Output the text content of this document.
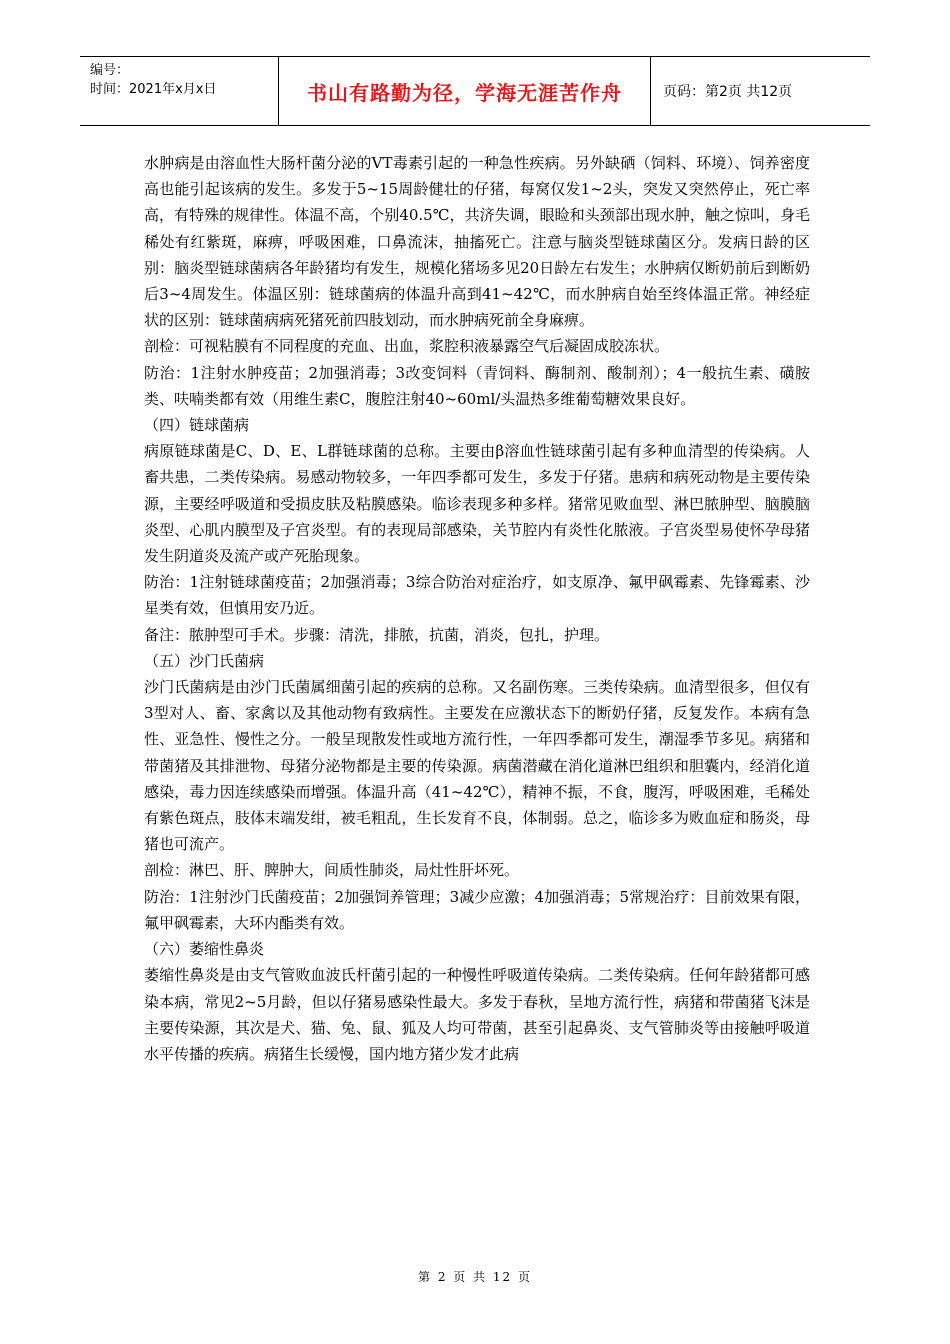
编号：
时间：2021年x月x日	书山有路勤为径，学海无涯苦作舟	页码：第2页 共12页

水肿病是由溶血性大肠杆菌分泌的VT毒素引起的一种急性疾病。另外缺硒（饲料、环境）、饲养密度高也能引起该病的发生。多发于5~15周龄健壮的仔猪，每窝仅发1~2头，突发又突然停止，死亡率高，有特殊的规律性。体温不高，个别40.5℃，共济失调，眼睑和头颈部出现水肿，触之惊叫，身毛稀处有红紫斑，麻痹，呼吸困难，口鼻流沫，抽搐死亡。注意与脑炎型链球菌区分。发病日龄的区别：脑炎型链球菌病各年龄猪均有发生，规模化猪场多见20日龄左右发生；水肿病仅断奶前后到断奶后3~4周发生。体温区别：链球菌病的体温升高到41~42℃，而水肿病自始至终体温正常。神经症状的区别：链球菌病病死猪死前四肢划动，而水肿病死前全身麻痹。

剖检：可视粘膜有不同程度的充血、出血，浆腔积液暴露空气后凝固成胶冻状。

防治：1注射水肿疫苗；2加强消毒；3改变饲料（青饲料、酶制剂、酸制剂）；4一般抗生素、磺胺类、呋喃类都有效（用维生素C，腹腔注射40~60ml/头温热多维葡萄糖效果良好。

（四）链球菌病

病原链球菌是C、D、E、L群链球菌的总称。主要由β溶血性链球菌引起有多种血清型的传染病。人畜共患，二类传染病。易感动物较多，一年四季都可发生，多发于仔猪。患病和病死动物是主要传染源，主要经呼吸道和受损皮肤及粘膜感染。临诊表现多种多样。猪常见败血型、淋巴脓肿型、脑膜脑炎型、心肌内膜型及子宫炎型。有的表现局部感染，关节腔内有炎性化脓液。子宫炎型易使怀孕母猪发生阴道炎及流产或产死胎现象。

防治：1注射链球菌疫苗；2加强消毒；3综合防治对症治疗，如支原净、氟甲砜霉素、先锋霉素、沙星类有效，但慎用安乃近。

备注：脓肿型可手术。步骤：清洗，排脓，抗菌，消炎，包扎，护理。

（五）沙门氏菌病

沙门氏菌病是由沙门氏菌属细菌引起的疾病的总称。又名副伤寒。三类传染病。血清型很多，但仅有3型对人、畜、家禽以及其他动物有致病性。主要发在应激状态下的断奶仔猪，反复发作。本病有急性、亚急性、慢性之分。一般呈现散发性或地方流行性，一年四季都可发生，潮湿季节多见。病猪和带菌猪及其排泄物、母猪分泌物都是主要的传染源。病菌潜藏在消化道淋巴组织和胆囊内，经消化道感染，毒力因连续感染而增强。体温升高（41~42℃），精神不振，不食，腹泻，呼吸困难，毛稀处有紫色斑点，肢体末端发绀，被毛粗乱，生长发育不良，体制弱。总之，临诊多为败血症和肠炎，母猪也可流产。

剖检：淋巴、肝、脾肿大，间质性肺炎，局灶性肝坏死。

防治：1注射沙门氏菌疫苗；2加强饲养管理；3减少应激；4加强消毒；5常规治疗：目前效果有限，氟甲砜霉素，大环内酯类有效。

（六）萎缩性鼻炎

萎缩性鼻炎是由支气管败血波氏杆菌引起的一种慢性呼吸道传染病。二类传染病。任何年龄猪都可感染本病，常见2~5月龄，但以仔猪易感染性最大。多发于春秋，呈地方流行性，病猪和带菌猪飞沫是主要传染源，其次是犬、猫、兔、鼠、狐及人均可带菌，甚至引起鼻炎、支气管肺炎等由接触呼吸道水平传播的疾病。病猪生长缓慢，国内地方猪少发才此病

第 2 页 共 12 页
